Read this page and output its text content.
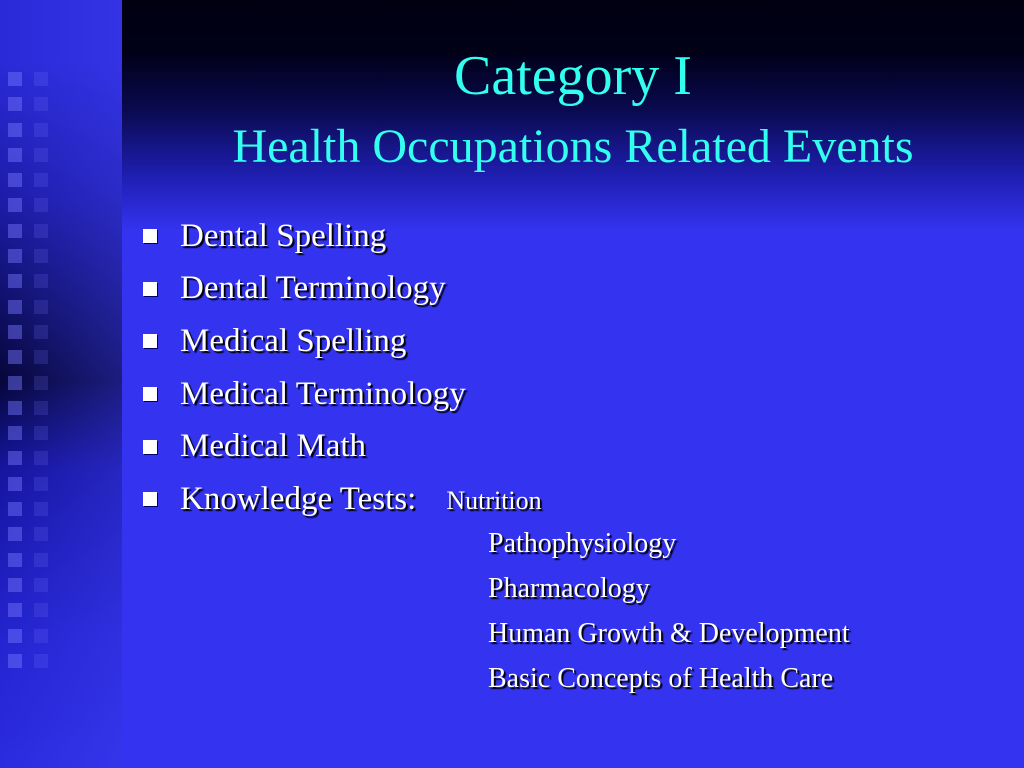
Category I
Health Occupations Related Events
Dental Spelling
Dental Terminology
Medical Spelling
Medical Terminology
Medical Math
Knowledge Tests: Nutrition
Pathophysiology
Pharmacology
Human Growth & Development
Basic Concepts of Health Care
